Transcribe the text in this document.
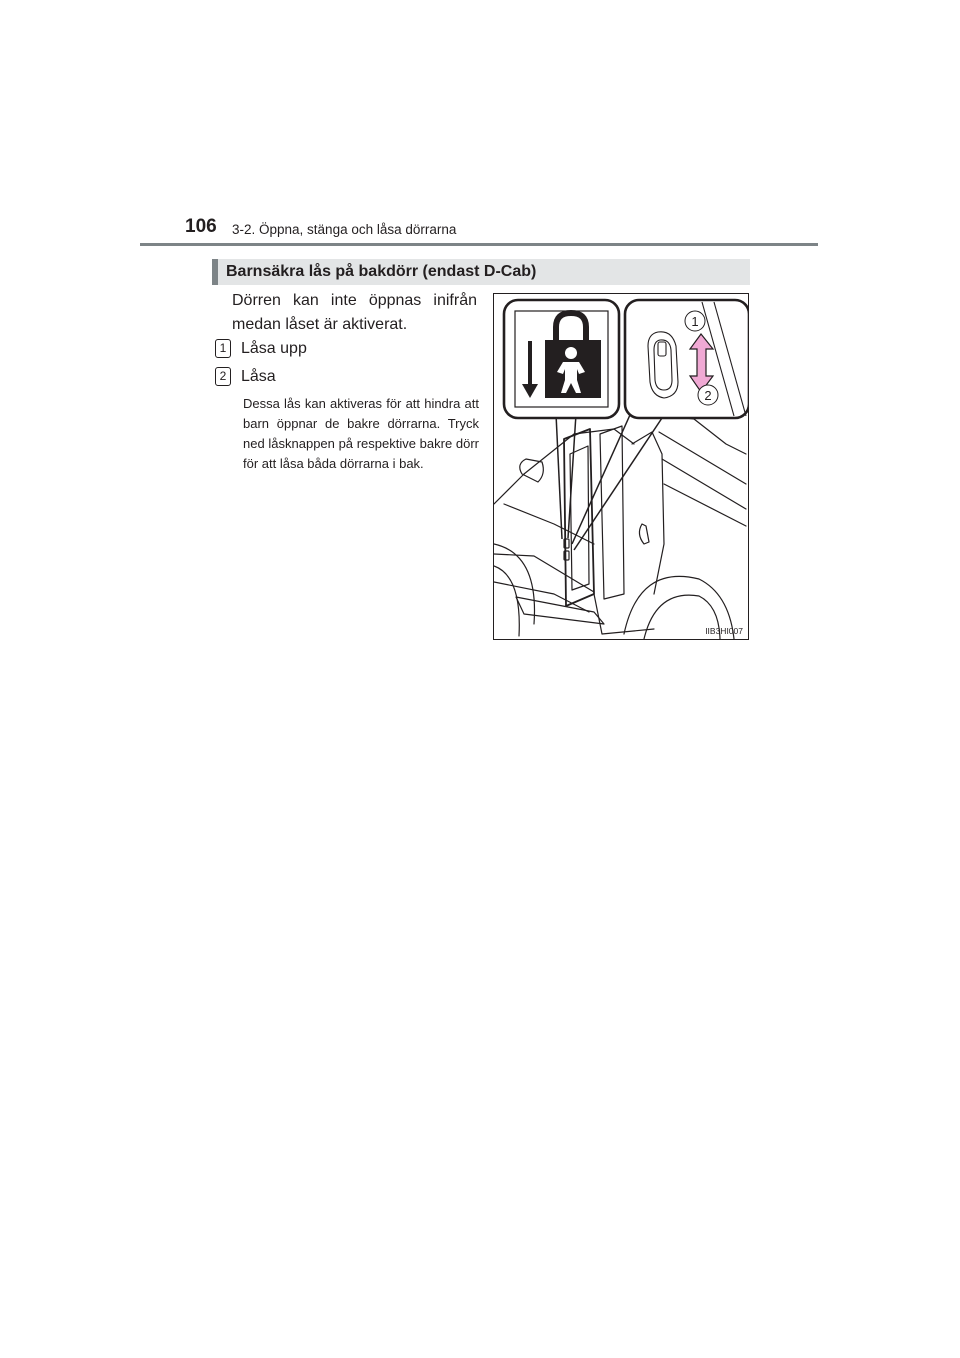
106 3-2. Öppna, stänga och låsa dörrarna
Barnsäkra lås på bakdörr (endast D-Cab)
Dörren kan inte öppnas inifrån medan låset är aktiverat.
1 Låsa upp
2 Låsa
Dessa lås kan aktiveras för att hindra att barn öppnar de bakre dörrarna. Tryck ned låsknappen på respektive bakre dörr för att låsa båda dörrarna i bak.
1
2
IIB3HI007
